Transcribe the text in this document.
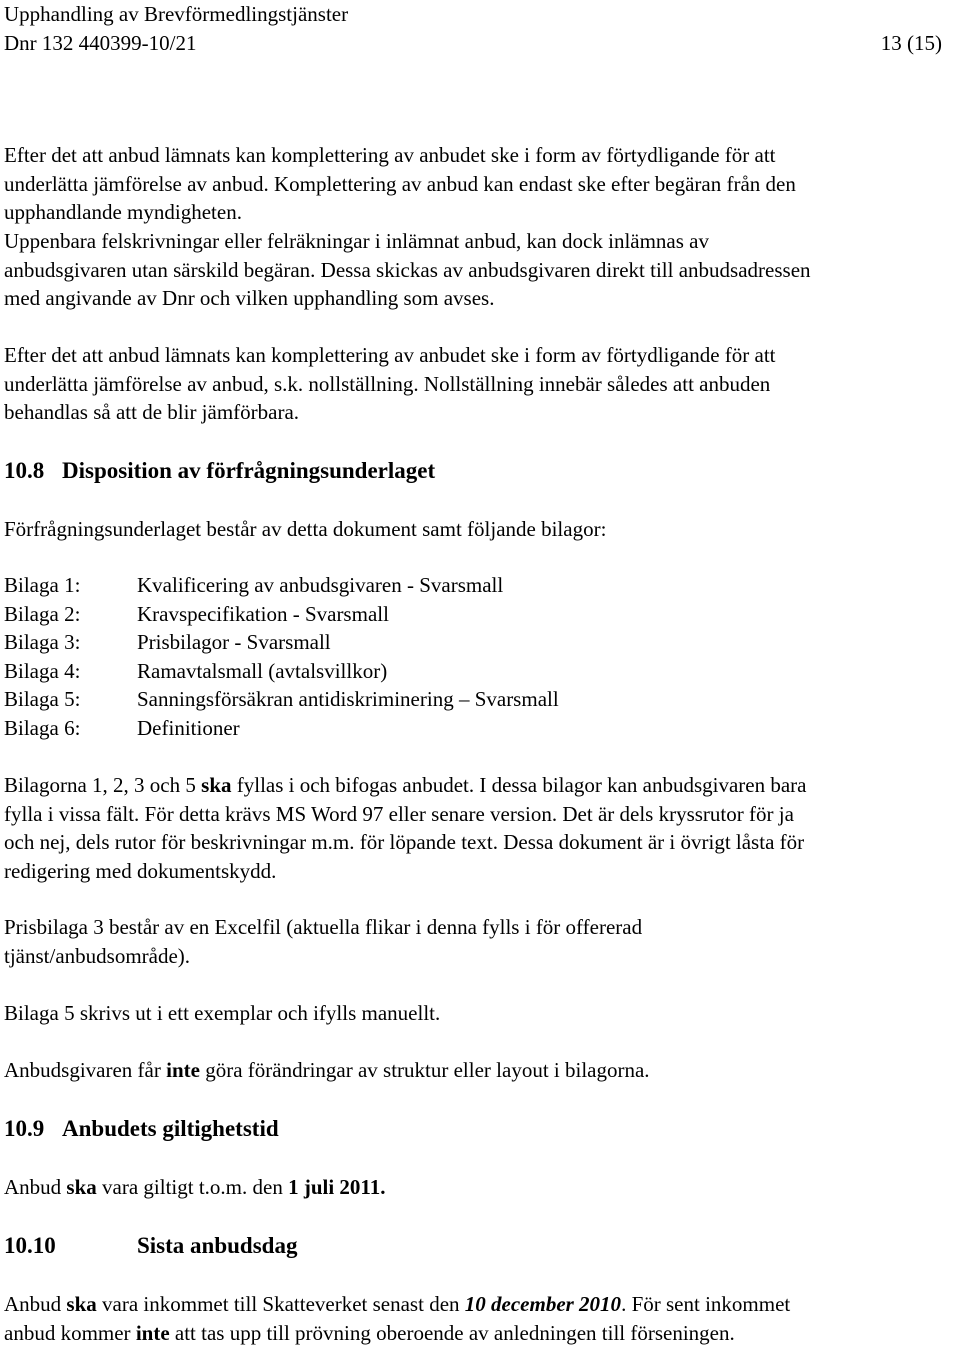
Upphandling av Brevförmedlingstjänster
Dnr 132 440399-10/21	13 (15)

Efter det att anbud lämnats kan komplettering av anbudet ske i form av förtydligande för att
underlätta jämförelse av anbud. Komplettering av anbud kan endast ske efter begäran från den
upphandlande myndigheten.

Uppenbara felskrivningar eller felräkningar i inlämnat anbud, kan dock inlämnas av
anbudsgivaren utan särskild begäran. Dessa skickas av anbudsgivaren direkt till anbudsadressen
med angivande av Dnr och vilken upphandling som avses.

Efter det att anbud lämnats kan komplettering av anbudet ske i form av förtydligande för att
underlätta jämförelse av anbud, s.k. nollställning. Nollställning innebär således att anbuden
behandlas så att de blir jämförbara.

10.8 Disposition av förfrågningsunderlaget

Förfrågningsunderlaget består av detta dokument samt följande bilagor:

Bilaga 1:	Kvalificering av anbudsgivaren - Svarsmall
Bilaga 2:	Kravspecifikation - Svarsmall
Bilaga 3:	Prisbilagor - Svarsmall
Bilaga 4:	Ramavtalsmall (avtalsvillkor)
Bilaga 5:	Sanningsförsäkran antidiskriminering – Svarsmall
Bilaga 6:	Definitioner

Bilagorna 1, 2, 3 och 5 ska fyllas i och bifogas anbudet. I dessa bilagor kan anbudsgivaren bara
fylla i vissa fält. För detta krävs MS Word 97 eller senare version. Det är dels kryssrutor för ja
och nej, dels rutor för beskrivningar m.m. för löpande text. Dessa dokument är i övrigt låsta för
redigering med dokumentskydd.

Prisbilaga 3 består av en Excelfil (aktuella flikar i denna fylls i för offererad
tjänst/anbudsområde).

Bilaga 5 skrivs ut i ett exemplar och ifylls manuellt.

Anbudsgivaren får inte göra förändringar av struktur eller layout i bilagorna.

10.9 Anbudets giltighetstid

Anbud ska vara giltigt t.o.m. den 1 juli 2011.

10.10	Sista anbudsdag

Anbud ska vara inkommet till Skatteverket senast den 10 december 2010. För sent inkommet
anbud kommer inte att tas upp till prövning oberoende av anledningen till förseningen.
